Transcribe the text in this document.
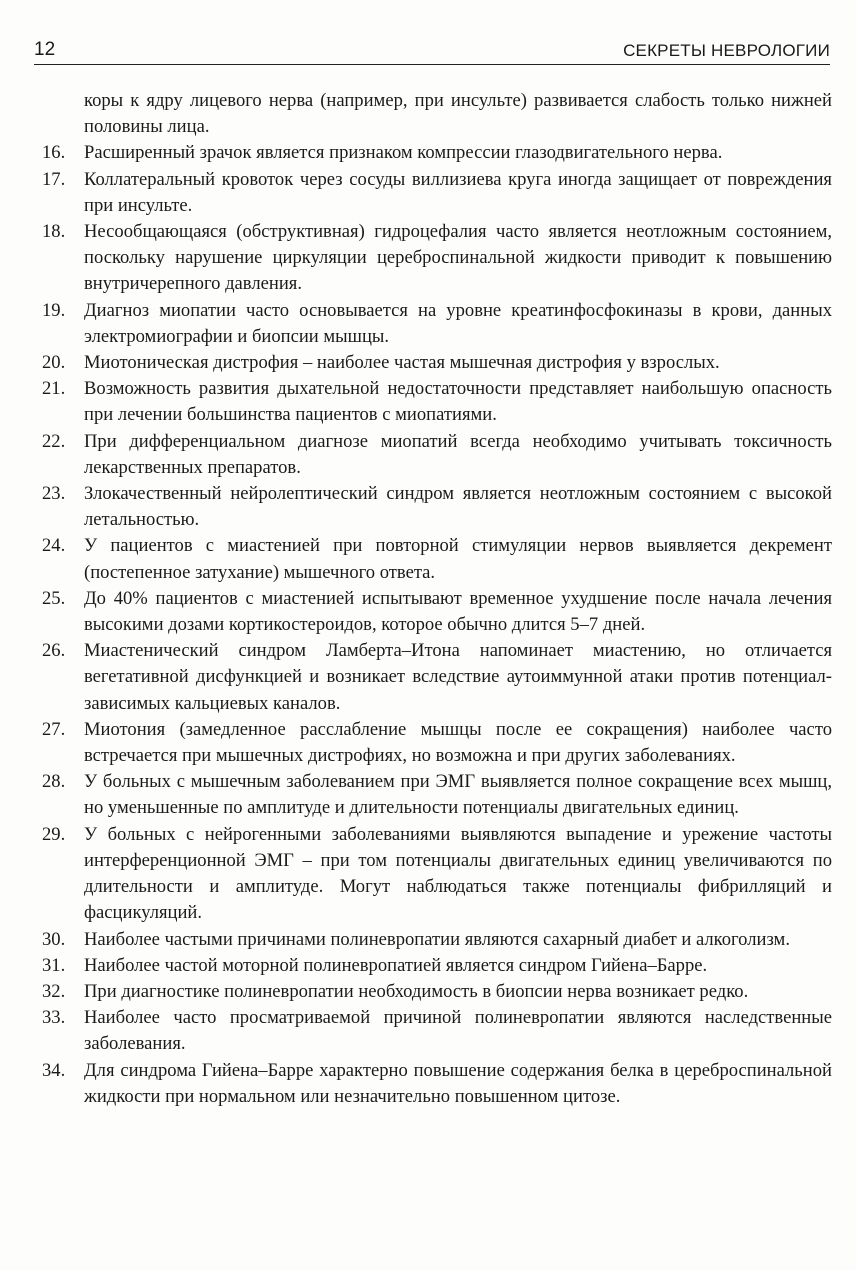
12	СЕКРЕТЫ НЕВРОЛОГИИ
коры к ядру лицевого нерва (например, при инсульте) развивается слабость только нижней половины лица.
16.	Расширенный зрачок является признаком компрессии глазодвигательного нерва.
17.	Коллатеральный кровоток через сосуды виллизиева круга иногда защищает от повреждения при инсульте.
18.	Несообщающаяся (обструктивная) гидроцефалия часто является неотложным состоянием, поскольку нарушение циркуляции цереброспинальной жидкости приводит к повышению внутричерепного давления.
19.	Диагноз миопатии часто основывается на уровне креатинфосфокиназы в крови, данных электромиографии и биопсии мышцы.
20.	Миотоническая дистрофия – наиболее частая мышечная дистрофия у взрослых.
21.	Возможность развития дыхательной недостаточности представляет наибольшую опасность при лечении большинства пациентов с миопатиями.
22.	При дифференциальном диагнозе миопатий всегда необходимо учитывать токсичность лекарственных препаратов.
23.	Злокачественный нейролептический синдром является неотложным состоянием с высокой летальностью.
24.	У пациентов с миастенией при повторной стимуляции нервов выявляется декремент (постепенное затухание) мышечного ответа.
25.	До 40% пациентов с миастенией испытывают временное ухудшение после начала лечения высокими дозами кортикостероидов, которое обычно длится 5–7 дней.
26.	Миастенический синдром Ламберта–Итона напоминает миастению, но отличается вегетативной дисфункцией и возникает вследствие аутоиммунной атаки против потенциал-зависимых кальциевых каналов.
27.	Миотония (замедленное расслабление мышцы после ее сокращения) наиболее часто встречается при мышечных дистрофиях, но возможна и при других заболеваниях.
28.	У больных с мышечным заболеванием при ЭМГ выявляется полное сокращение всех мышц, но уменьшенные по амплитуде и длительности потенциалы двигательных единиц.
29.	У больных с нейрогенными заболеваниями выявляются выпадение и урежение частоты интерференционной ЭМГ – при том потенциалы двигательных единиц увеличиваются по длительности и амплитуде. Могут наблюдаться также потенциалы фибрилляций и фасцикуляций.
30.	Наиболее частыми причинами полиневропатии являются сахарный диабет и алкоголизм.
31.	Наиболее частой моторной полиневропатией является синдром Гийена–Барре.
32.	При диагностике полиневропатии необходимость в биопсии нерва возникает редко.
33.	Наиболее часто просматриваемой причиной полиневропатии являются наследственные заболевания.
34.	Для синдрома Гийена–Барре характерно повышение содержания белка в цереброспинальной жидкости при нормальном или незначительно повышенном цитозе.
